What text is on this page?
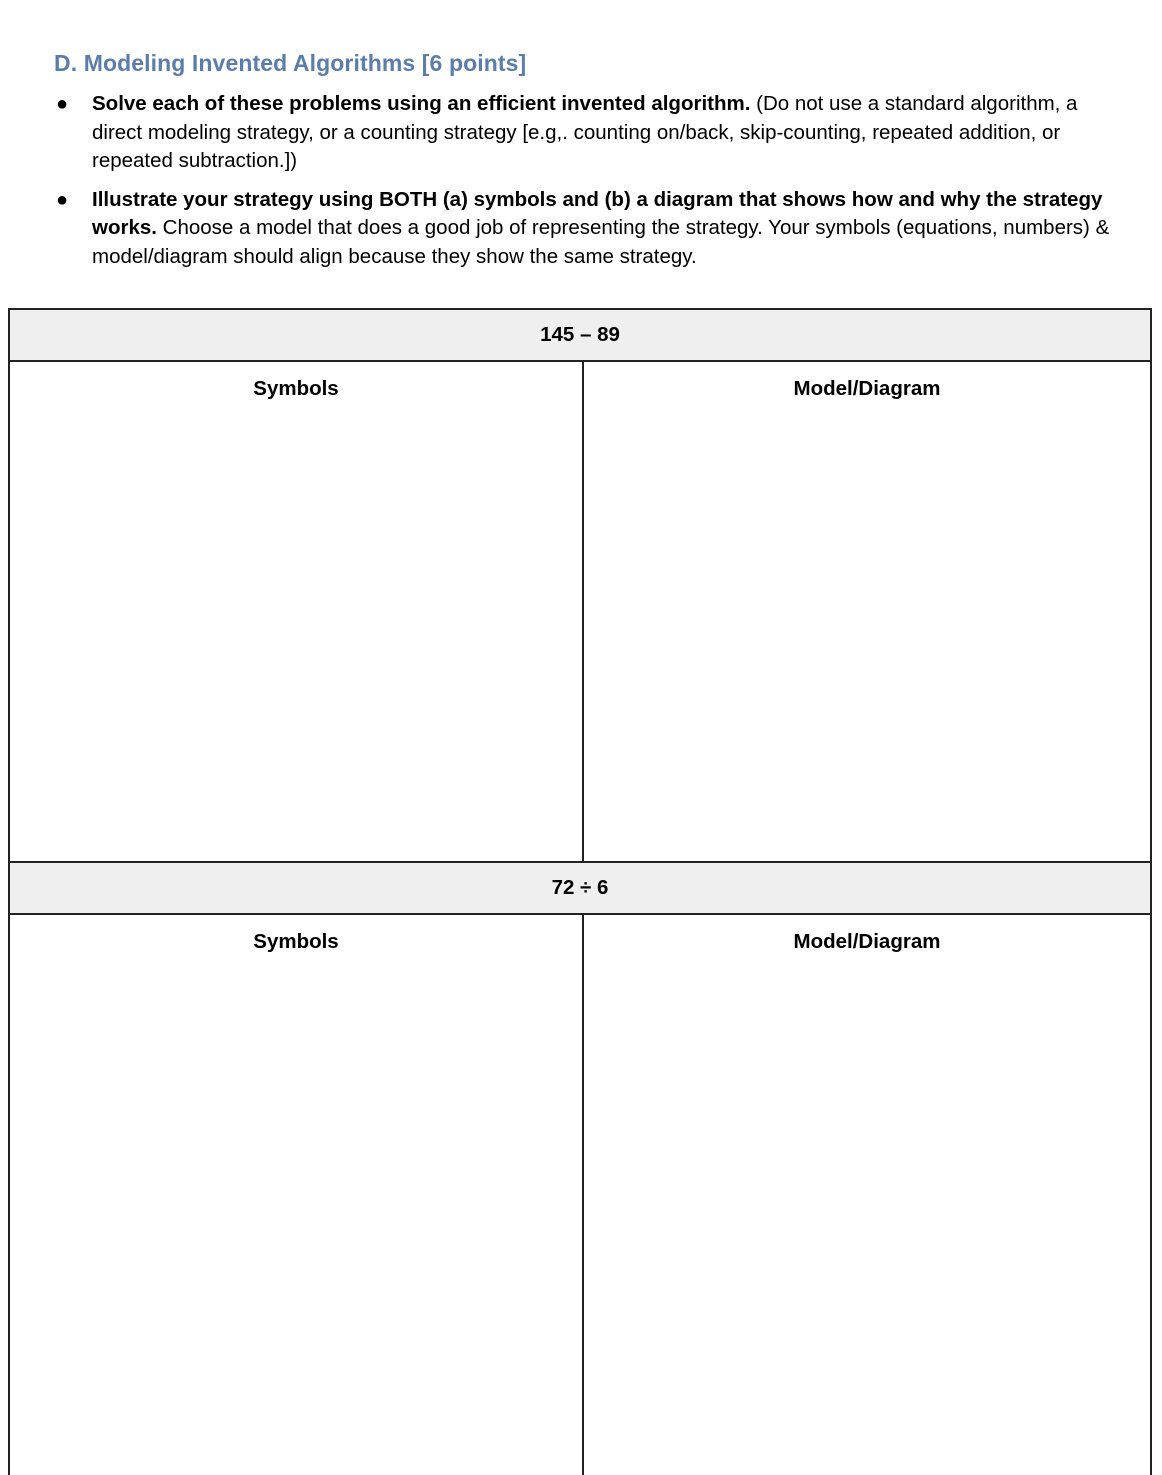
D. Modeling Invented Algorithms [6 points]
● Solve each of these problems using an efficient invented algorithm. (Do not use a standard algorithm, a direct modeling strategy, or a counting strategy [e.g,. counting on/back, skip-counting, repeated addition, or repeated subtraction.])
● Illustrate your strategy using BOTH (a) symbols and (b) a diagram that shows how and why the strategy works. Choose a model that does a good job of representing the strategy. Your symbols (equations, numbers) & model/diagram should align because they show the same strategy.
145 – 89	

Symbols	Model/Diagram

72 ÷ 6	

Symbols	Model/Diagram
